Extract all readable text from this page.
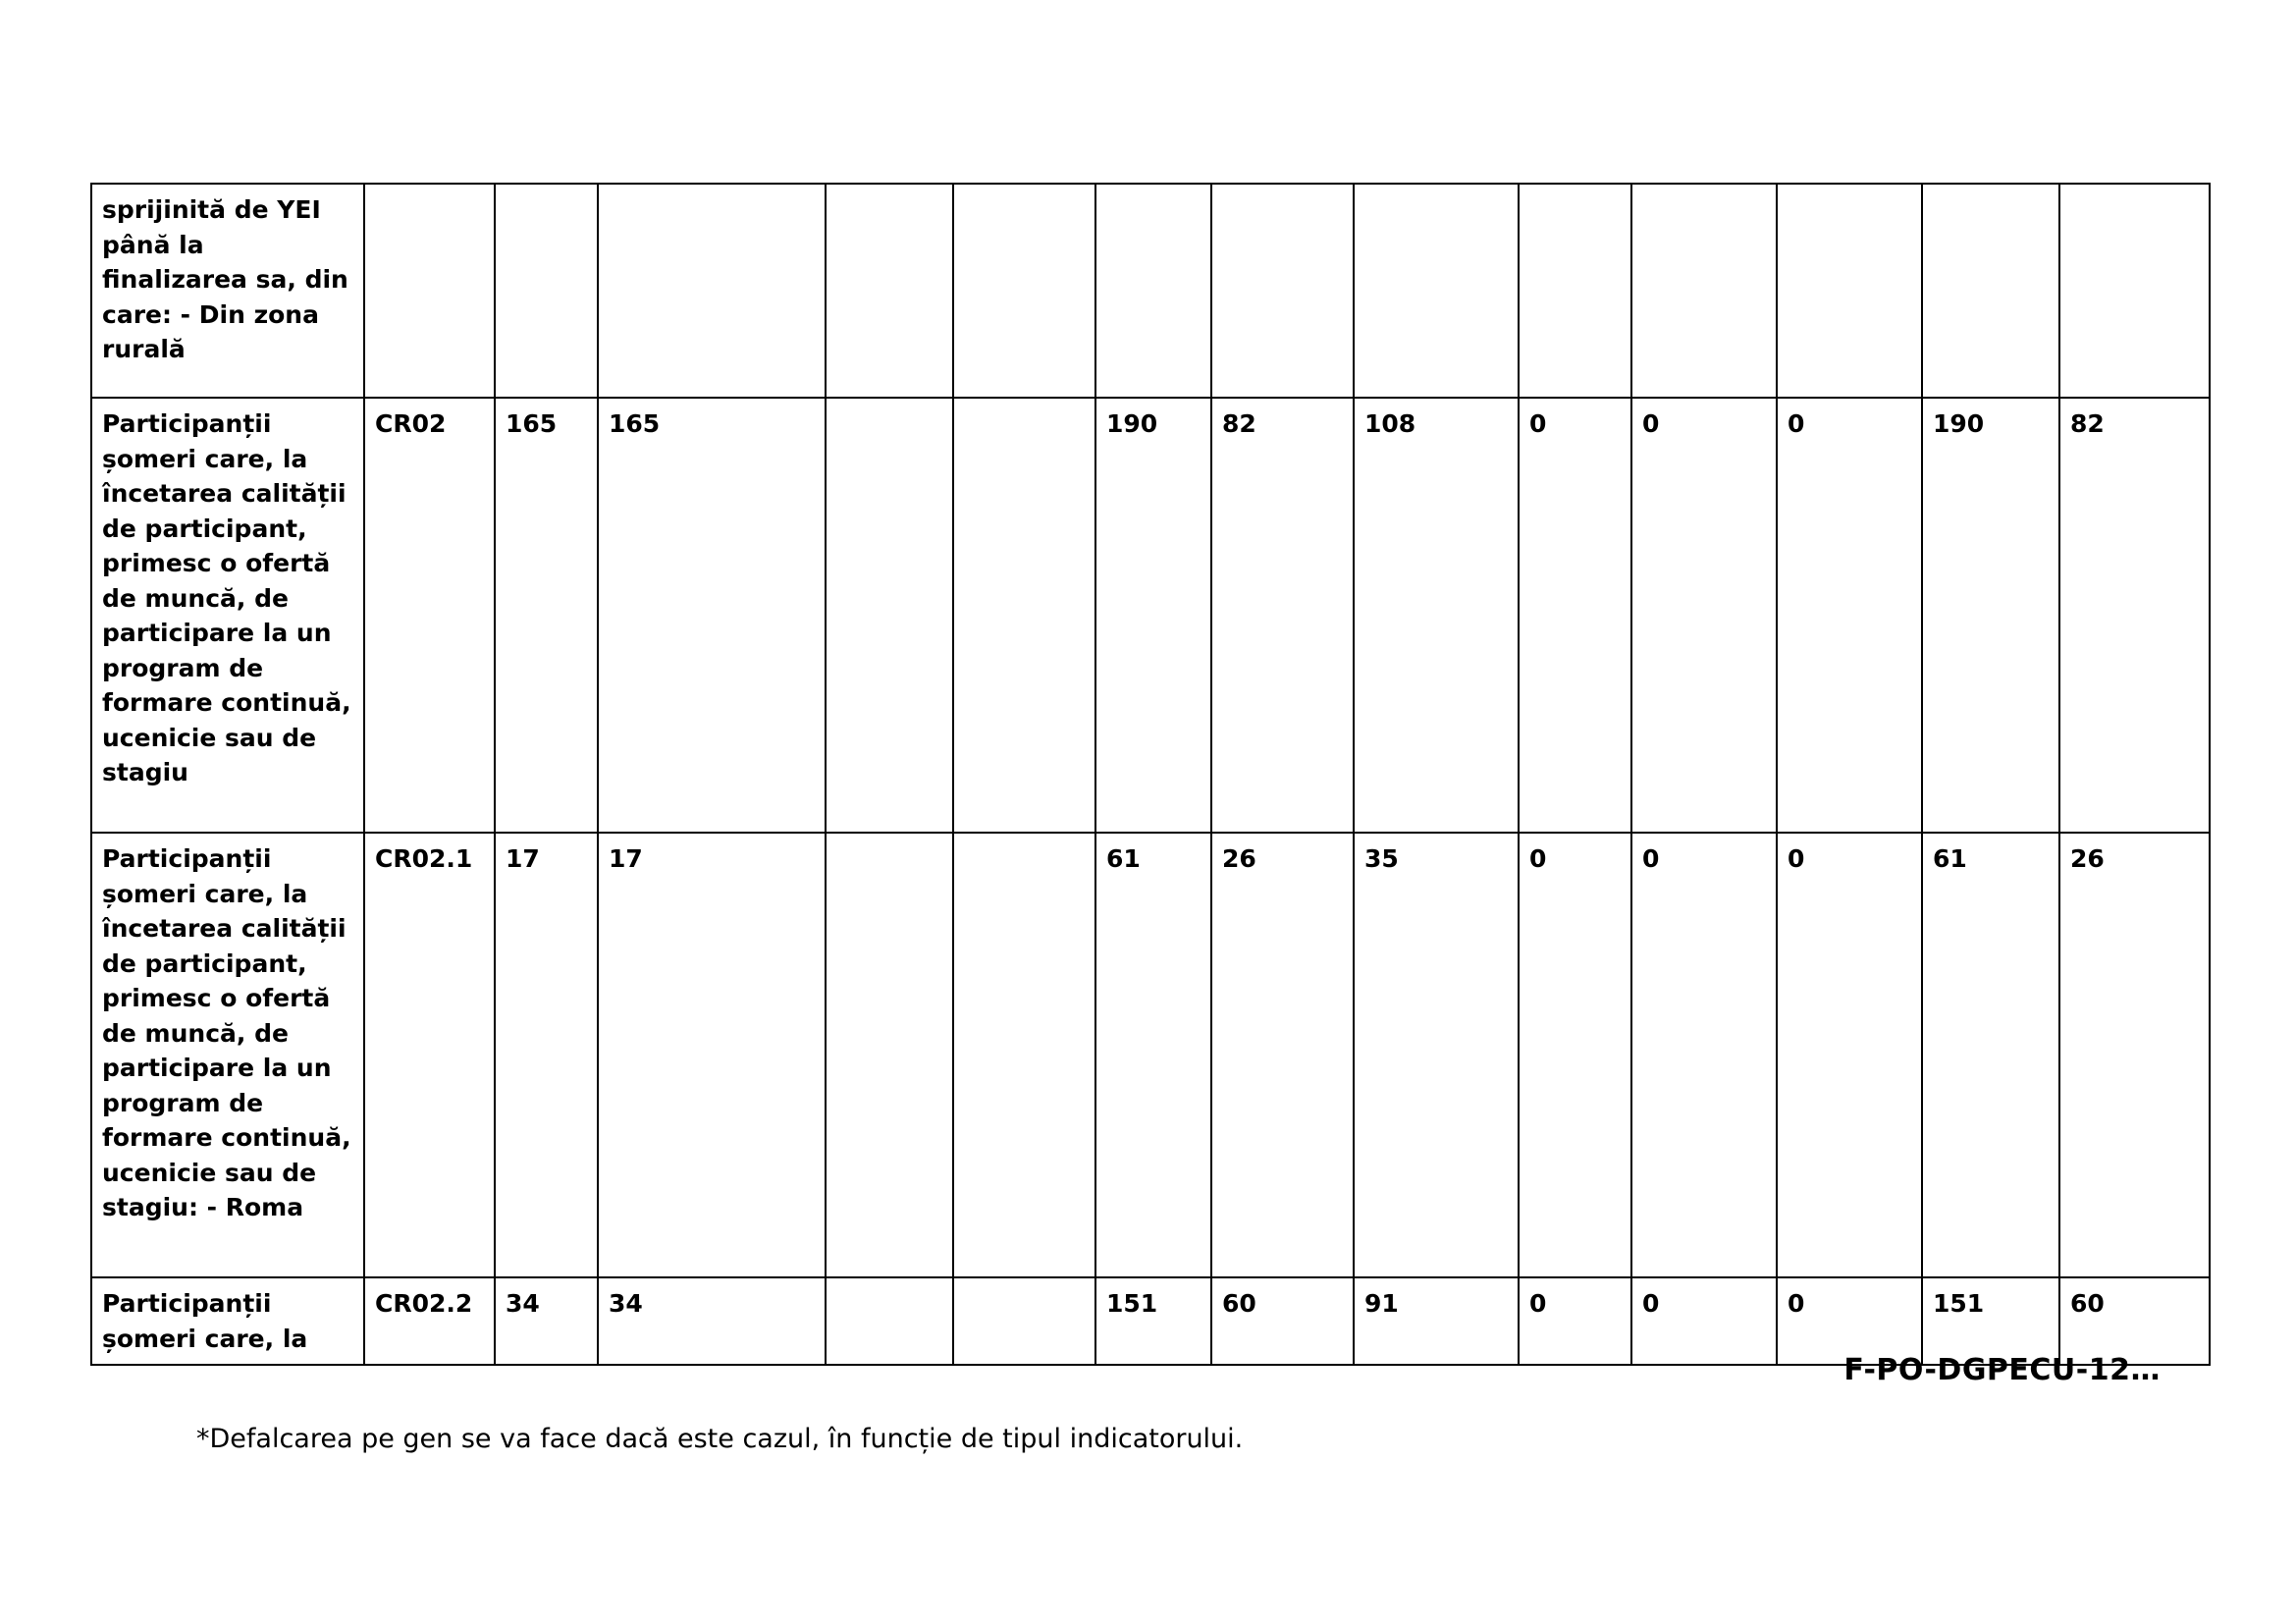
sprijinită de YEI până la finalizarea sa, din care: - Din zona rurală													
Participanții șomeri care, la încetarea calității de participant, primesc o ofertă de muncă, de participare la un program de formare continuă, ucenicie sau de stagiu	CR02	165	165			190	82	108	0	0	0	190	82
Participanții șomeri care, la încetarea calității de participant, primesc o ofertă de muncă, de participare la un program de formare continuă, ucenicie sau de stagiu: - Roma	CR02.1	17	17			61	26	35	0	0	0	61	26
Participanții șomeri care, la	CR02.2	34	34			151	60	91	0	0	0	151	60
F-PO-DGPECU-12…
*Defalcarea pe gen se va face dacă este cazul, în funcție de tipul indicatorului.
